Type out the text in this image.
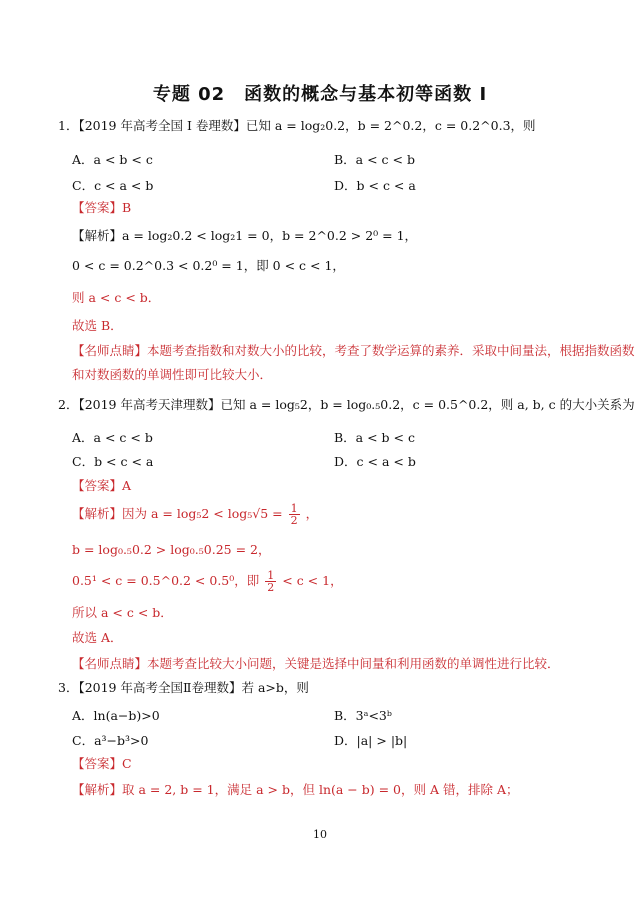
专题 02　函数的概念与基本初等函数 I
1．【2019 年高考全国 I 卷理数】已知 a = log₂0.2，b = 2^0.2，c = 0.2^0.3，则
A．a < b < c	B．a < c < b
C．c < a < b	D．b < c < a
【答案】B
【解析】a = log₂0.2 < log₂1 = 0，b = 2^0.2 > 2⁰ = 1，
0 < c = 0.2^0.3 < 0.2⁰ = 1，即 0 < c < 1，
则 a < c < b．
故选 B．
【名师点睛】本题考查指数和对数大小的比较，考查了数学运算的素养．采取中间量法，根据指数函数
和对数函数的单调性即可比较大小．
2．【2019 年高考天津理数】已知 a = log₅2，b = log₀.₅0.2，c = 0.5^0.2，则 a, b, c 的大小关系为
A．a < c < b	B．a < b < c
C．b < c < a	D．c < a < b
【答案】A
【解析】因为 $a = \log_52 < \log_5√5 = \frac{1}{2}$ ，
b = log₀.₅0.2 > log₀.₅0.25 = 2，
0.5¹ < c = 0.5^0.2 < 0.5⁰，即 $\frac{1}{2} < c < 1$，
所以 a < c < b．
故选 A．
【名师点睛】本题考查比较大小问题，关键是选择中间量和利用函数的单调性进行比较．
3．【2019 年高考全国Ⅱ卷理数】若 a>b，则
A．ln(a−b)>0	B．3ᵃ<3ᵇ
C．a³−b³>0	D．|a| > |b|
【答案】C
【解析】取 a = 2, b = 1，满足 a > b，但 ln(a − b) = 0，则 A 错，排除 A；
10
